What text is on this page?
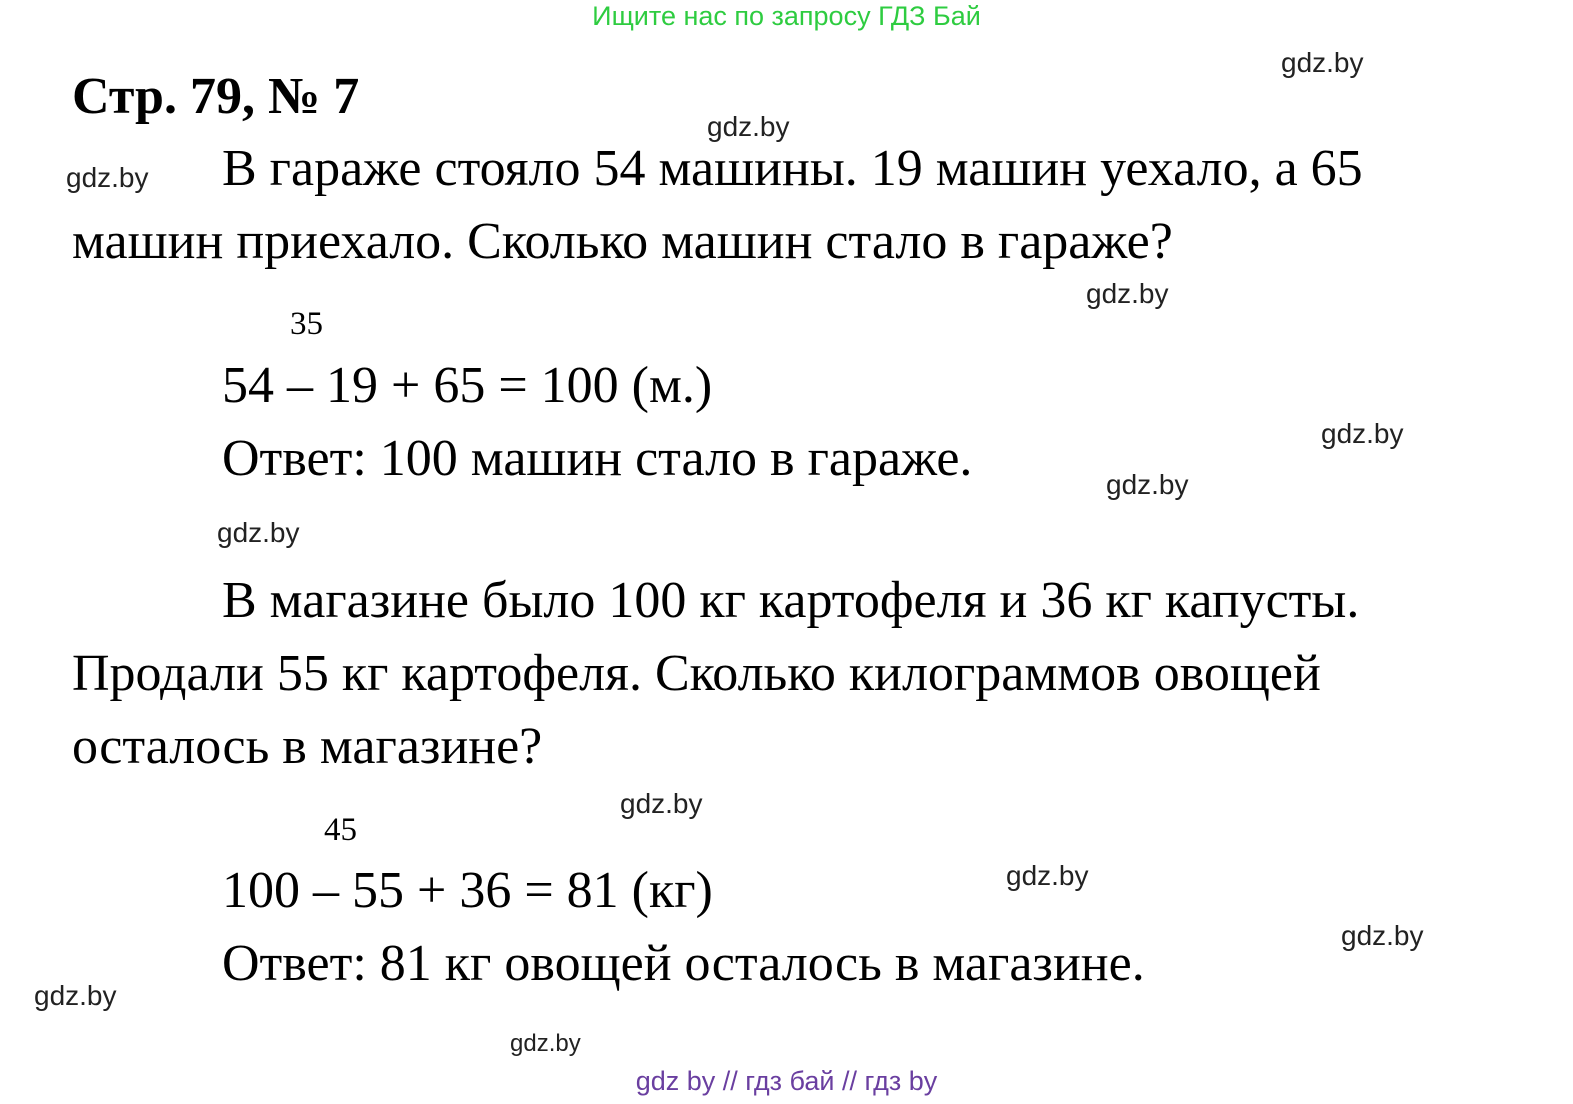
Ищите нас по запросу ГДЗ Бай
Стр. 79, № 7
В гараже стояло 54 машины. 19 машин уехало, а 65
машин приехало. Сколько машин стало в гараже?
35
54 – 19 + 65 = 100 (м.)
Ответ: 100 машин стало в гараже.
В магазине было 100 кг картофеля и 36 кг капусты.
Продали 55 кг картофеля. Сколько килограммов овощей
осталось в магазине?
45
100 – 55 + 36 = 81 (кг)
Ответ: 81 кг овощей осталось в магазине.
gdz.by
gdz.by
gdz.by
gdz.by
gdz.by
gdz.by
gdz.by
gdz.by
gdz.by
gdz.by
gdz.by
gdz.by
gdz by // гдз бай // гдз by
